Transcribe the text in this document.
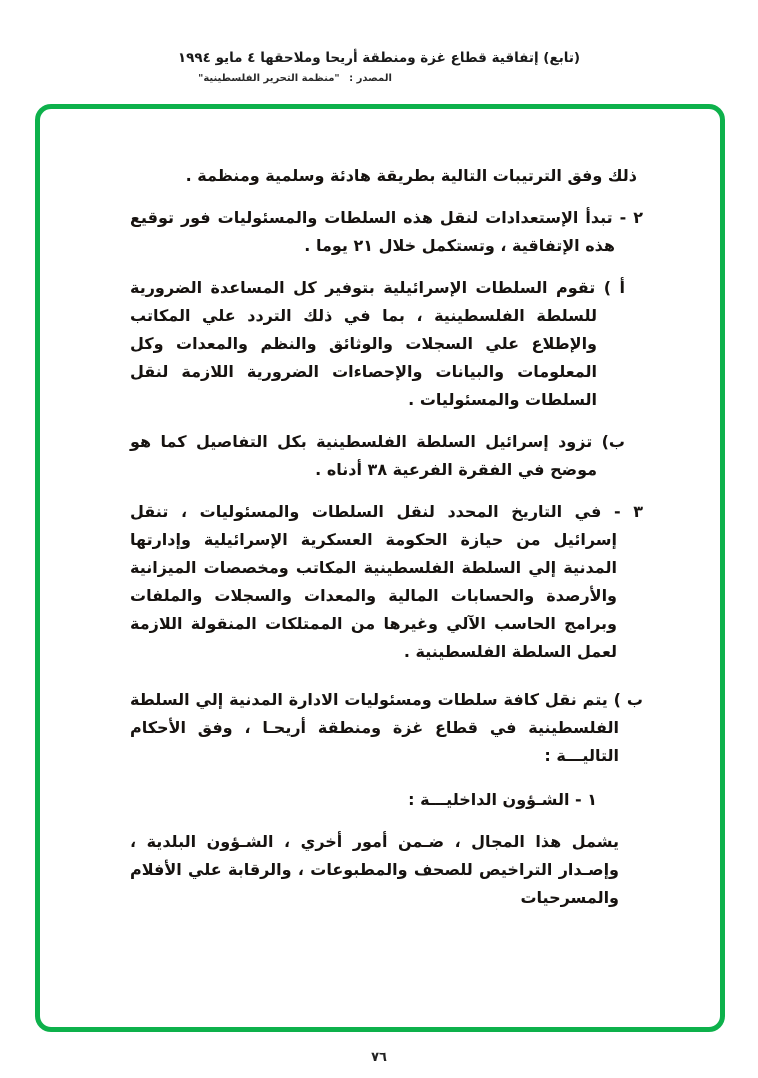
(تابع) إتفاقية قطاع غزة ومنطقة أريحا وملاحقها ٤ مايو ١٩٩٤
المصدر : "منظمة التحرير الفلسطينية"

ذلك وفق الترتيبات التالية بطريقة هادئة وسلمية ومنظمة .

٢ - تبدأ الإستعدادات لنقل هذه السلطات والمسئوليات فور توقيع هذه الإتفاقية ، وتستكمل خلال ٢١ يوما .

أ ) تقوم السلطات الإسرائيلية بتوفير كل المساعدة الضرورية للسلطة الفلسطينية ، بما في ذلك التردد علي المكاتب والإطلاع علي السجلات والوثائق والنظم والمعدات وكل المعلومات والبيانات والإحصاءات الضرورية اللازمة لنقل السلطات والمسئوليات .

ب) تزود إسرائيل السلطة الفلسطينية بكل التفاصيل كما هو موضح في الفقرة الفرعية ٣٨ أدناه .

٣ - في التاريخ المحدد لنقل السلطات والمسئوليات ، تنقل إسرائيل من حيازة الحكومة العسكرية الإسرائيلية وإدارتها المدنية إلي السلطة الفلسطينية المكاتب ومخصصات الميزانية والأرصدة والحسابات المالية والمعدات والسجلات والملفات وبرامج الحاسب الآلي وغيرها من الممتلكات المنقولة اللازمة لعمل السلطة الفلسطينية .

ب ) يتم نقل كافة سلطات ومسئوليات الادارة المدنية إلي السلطة الفلسطينية في قطاع غزة ومنطقة أريحـا ، وفق الأحكام التاليـــة :

١ - الشـؤون الداخليـــة :

يشمل هذا المجال ، ضـمن أمور أخري ، الشـؤون البلدية ، وإصـدار التراخيص للصحف والمطبوعات ، والرقابة علي الأفلام والمسرحيات

٧٦
